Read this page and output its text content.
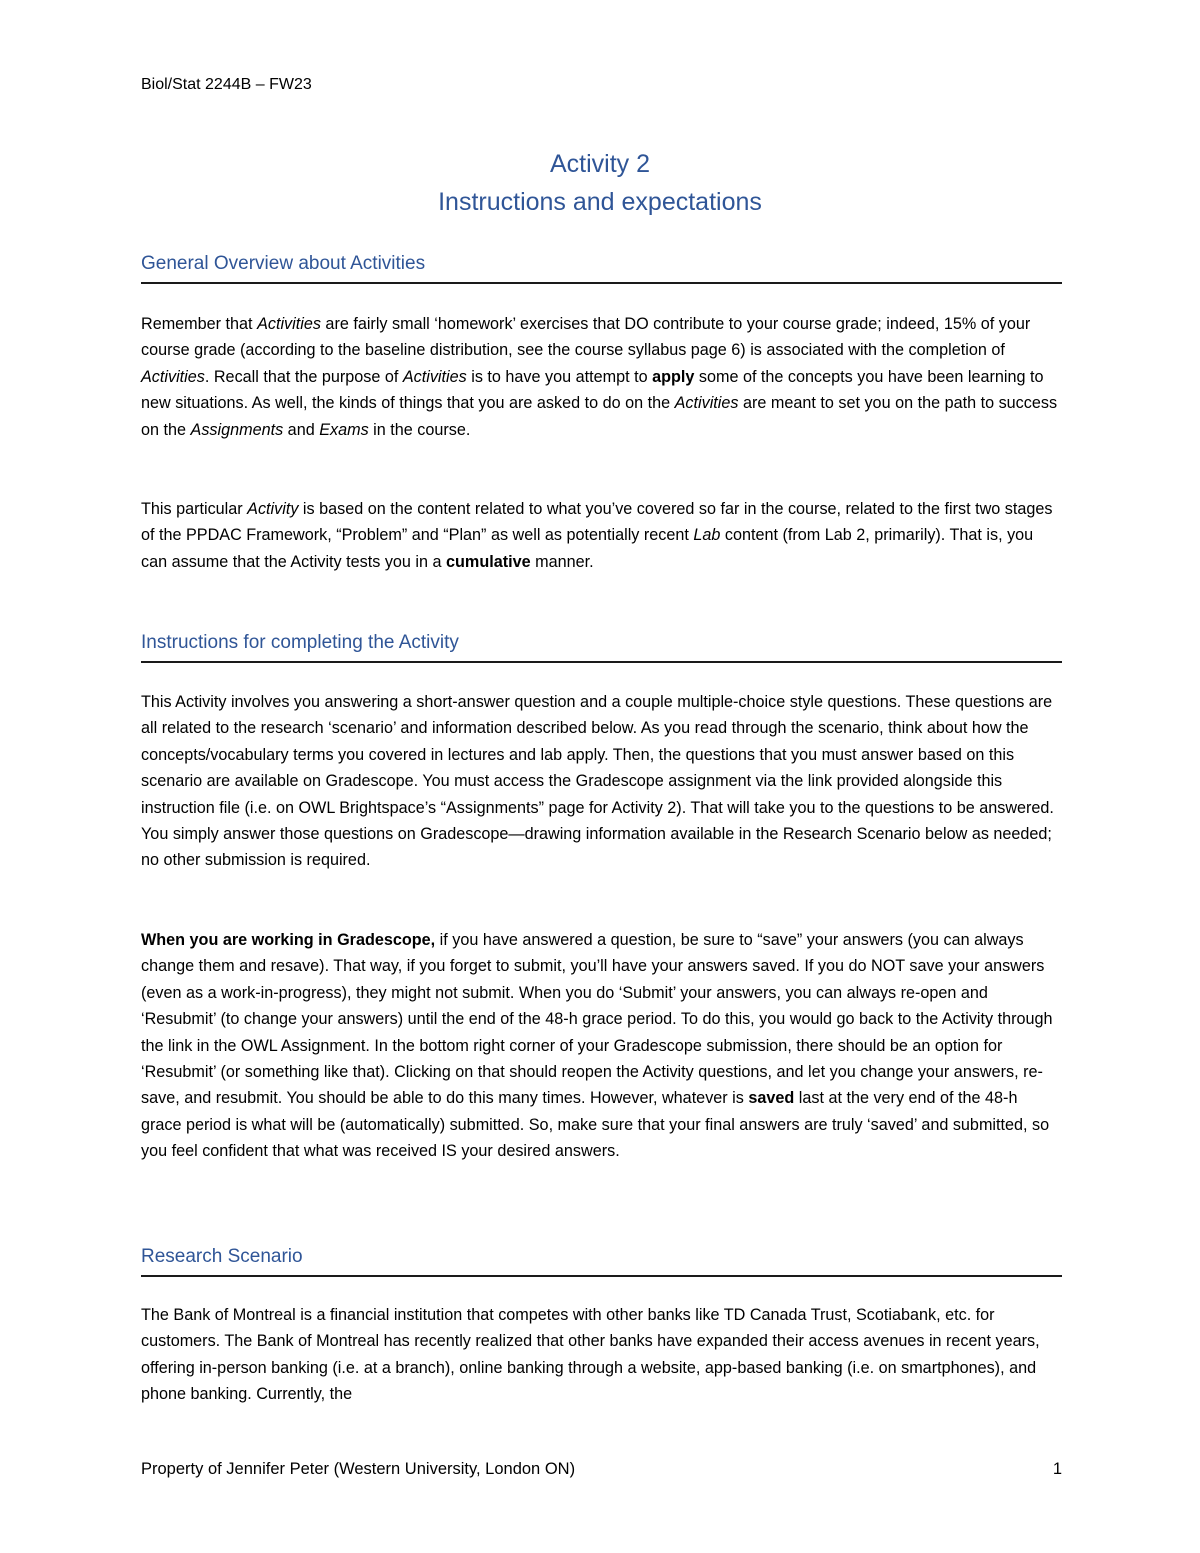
Biol/Stat 2244B – FW23
Activity 2
Instructions and expectations
General Overview about Activities

Remember that Activities are fairly small ‘homework’ exercises that DO contribute to your course grade; indeed, 15% of your course grade (according to the baseline distribution, see the course syllabus page 6) is associated with the completion of Activities. Recall that the purpose of Activities is to have you attempt to apply some of the concepts you have been learning to new situations. As well, the kinds of things that you are asked to do on the Activities are meant to set you on the path to success on the Assignments and Exams in the course.

This particular Activity is based on the content related to what you’ve covered so far in the course, related to the first two stages of the PPDAC Framework, “Problem” and “Plan” as well as potentially recent Lab content (from Lab 2, primarily). That is, you can assume that the Activity tests you in a cumulative manner.

Instructions for completing the Activity

This Activity involves you answering a short-answer question and a couple multiple-choice style questions. These questions are all related to the research ‘scenario’ and information described below. As you read through the scenario, think about how the concepts/vocabulary terms you covered in lectures and lab apply. Then, the questions that you must answer based on this scenario are available on Gradescope. You must access the Gradescope assignment via the link provided alongside this instruction file (i.e. on OWL Brightspace’s “Assignments” page for Activity 2). That will take you to the questions to be answered. You simply answer those questions on Gradescope—drawing information available in the Research Scenario below as needed; no other submission is required.

When you are working in Gradescope, if you have answered a question, be sure to “save” your answers (you can always change them and resave). That way, if you forget to submit, you’ll have your answers saved. If you do NOT save your answers (even as a work-in-progress), they might not submit. When you do ‘Submit’ your answers, you can always re-open and ‘Resubmit’ (to change your answers) until the end of the 48-h grace period. To do this, you would go back to the Activity through the link in the OWL Assignment. In the bottom right corner of your Gradescope submission, there should be an option for ‘Resubmit’ (or something like that). Clicking on that should reopen the Activity questions, and let you change your answers, re-save, and resubmit. You should be able to do this many times. However, whatever is saved last at the very end of the 48-h grace period is what will be (automatically) submitted. So, make sure that your final answers are truly ‘saved’ and submitted, so you feel confident that what was received IS your desired answers.

Research Scenario

The Bank of Montreal is a financial institution that competes with other banks like TD Canada Trust, Scotiabank, etc. for customers. The Bank of Montreal has recently realized that other banks have expanded their access avenues in recent years, offering in-person banking (i.e. at a branch), online banking through a website, app-based banking (i.e. on smartphones), and phone banking. Currently, the

Property of Jennifer Peter (Western University, London ON)	1
